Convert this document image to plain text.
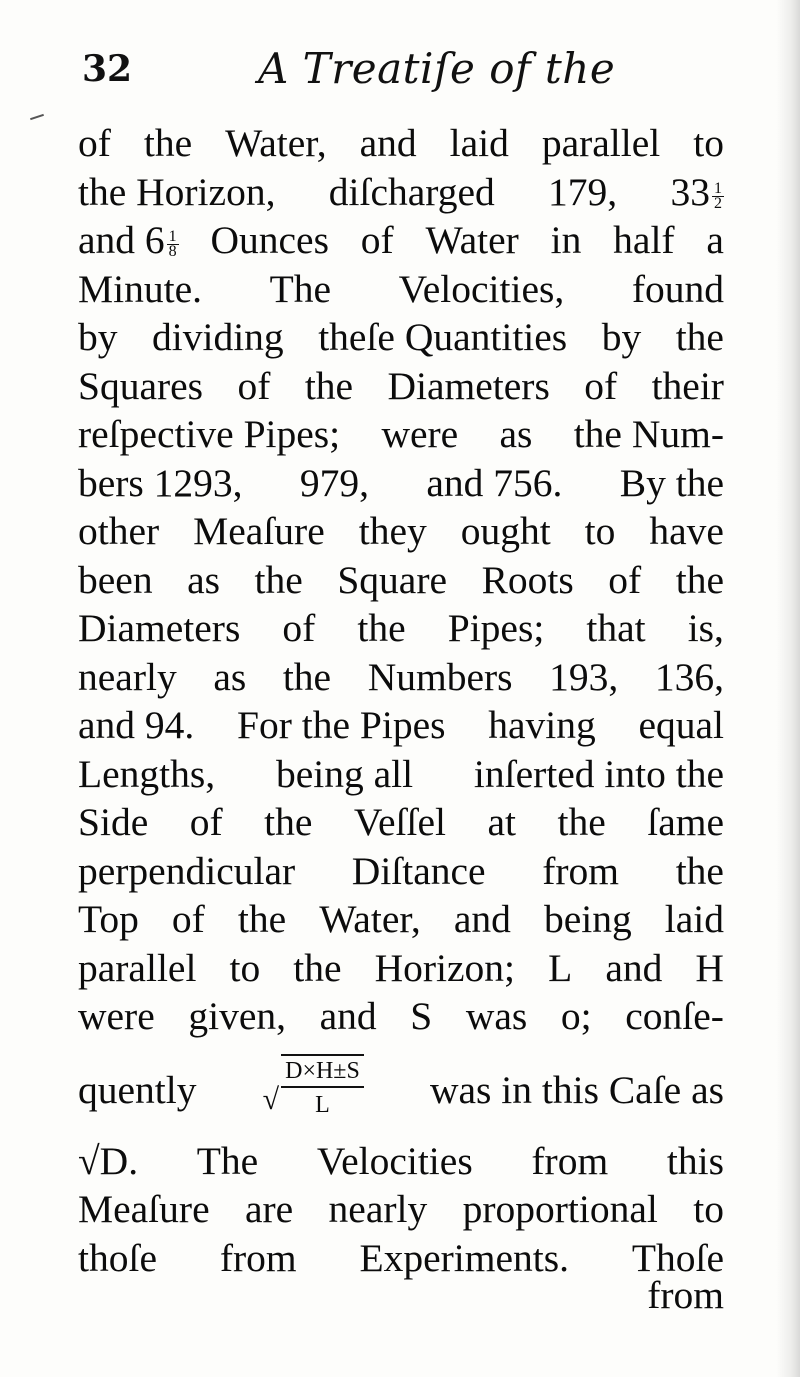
32	A Treatiſe of the
of the Water, and laid parallel to
the Horizon, diſcharged 179, $33 \frac{1}{2}$
and $6 \frac{1}{8}$ Ounces of Water in half a
Minute. The Velocities, found
by dividing theſe Quantities by the
Squares of the Diameters of their
reſpective Pipes; were as the Num-
bers 1293, 979, and 756. By the
other Meaſure they ought to have
been as the Square Roots of the
Diameters of the Pipes; that is,
nearly as the Numbers 193, 136,
and 94. For the Pipes having equal
Lengths, being all inſerted into the
Side of the Veſſel at the ſame
perpendicular Diſtance from the
Top of the Water, and being laid
parallel to the Horizon; L and H
were given, and S was o; conſe-
quently √ $\frac{D\times H\pm S}{L}$ was in this Caſe as
√D. The Velocities from this
Meaſure are nearly proportional to
thoſe from Experiments. Thoſe
from
